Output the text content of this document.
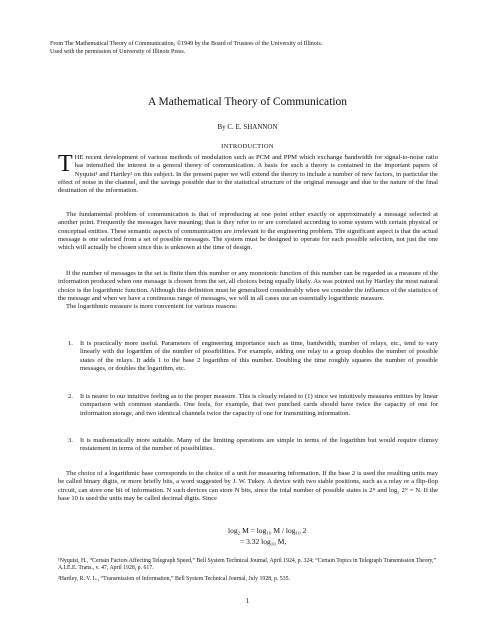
From The Mathematical Theory of Communication, ©1949 by the Board of Trustees of the University of Illinois.
Used with the permission of University of Illinois Press.
A Mathematical Theory of Communication
By C. E. SHANNON
INTRODUCTION
THE recent development of various methods of modulation such as PCM and PPM which exchange bandwidth for signal-to-noise ratio has intensified the interest in a general theory of communication. A basis for such a theory is contained in the important papers of Nyquist¹ and Hartley² on this subject. In the present paper we will extend the theory to include a number of new factors, in particular the effect of noise in the channel, and the savings possible due to the statistical structure of the original message and due to the nature of the final destination of the information.
The fundamental problem of communication is that of reproducing at one point either exactly or approximately a message selected at another point. Frequently the messages have meaning; that is they refer to or are correlated according to some system with certain physical or conceptual entities. These semantic aspects of communication are irrelevant to the engineering problem. The significant aspect is that the actual message is one selected from a set of possible messages. The system must be designed to operate for each possible selection, not just the one which will actually be chosen since this is unknown at the time of design.
If the number of messages in the set is finite then this number or any monotonic function of this number can be regarded as a measure of the information produced when one message is chosen from the set, all choices being equally likely. As was pointed out by Hartley the most natural choice is the logarithmic function. Although this definition must be generalized considerably when we consider the influence of the statistics of the message and when we have a continuous range of messages, we will in all cases use an essentially logarithmic measure.
The logarithmic measure is more convenient for various reasons:
1. It is practically more useful. Parameters of engineering importance such as time, bandwidth, number of relays, etc., tend to vary linearly with the logarithm of the number of possibilities. For example, adding one relay to a group doubles the number of possible states of the relays. It adds 1 to the base 2 logarithm of this number. Doubling the time roughly squares the number of possible messages, or doubles the logarithm, etc.
2. It is nearer to our intuitive feeling as to the proper measure. This is closely related to (1) since we intuitively measures entities by linear comparison with common standards. One feels, for example, that two punched cards should have twice the capacity of one for information storage, and two identical channels twice the capacity of one for transmitting information.
3. It is mathematically more suitable. Many of the limiting operations are simple in terms of the logarithm but would require clumsy restatement in terms of the number of possibilities.
The choice of a logarithmic base corresponds to the choice of a unit for measuring information. If the base 2 is used the resulting units may be called binary digits, or more briefly bits, a word suggested by J. W. Tukey. A device with two stable positions, such as a relay or a flip-flop circuit, can store one bit of information. N such devices can store N bits, since the total number of possible states is 2ᴺ and log₂ 2ᴺ = N. If the base 10 is used the units may be called decimal digits. Since
log₂ M = log₁₀ M / log₁₀ 2
= 3.32 log₁₀ M,
¹Nyquist, H., “Certain Factors Affecting Telegraph Speed,” Bell System Technical Journal, April 1924, p. 324; “Certain Topics in Telegraph Transmission Theory,” A.I.E.E. Trans., v. 47, April 1928, p. 617.
²Hartley, R. V. L., “Transmission of Information,” Bell System Technical Journal, July 1928, p. 535.
1
